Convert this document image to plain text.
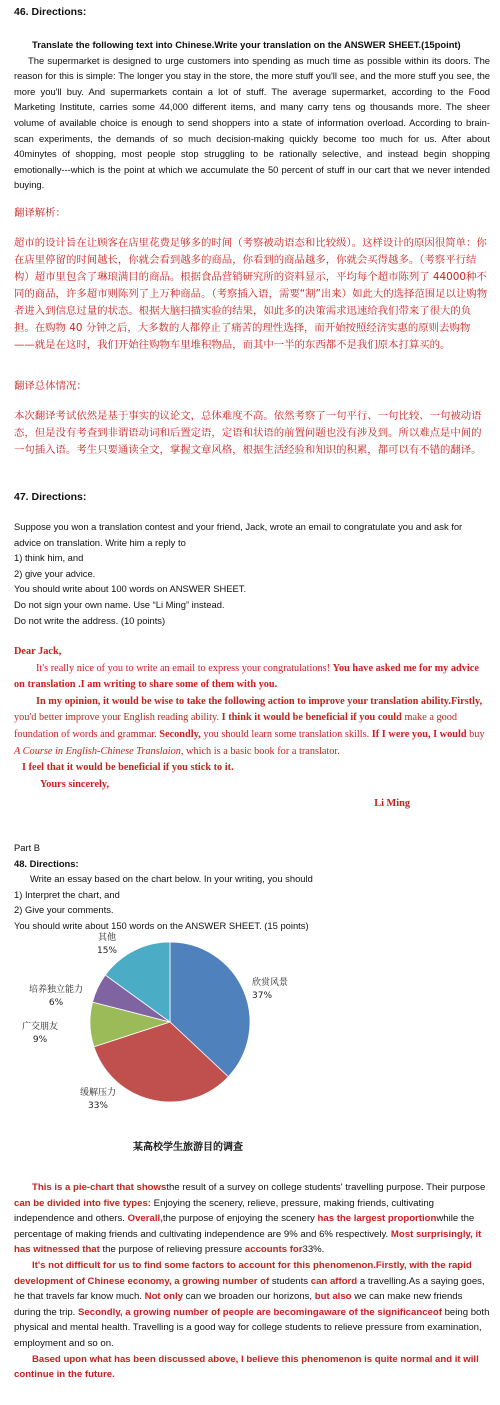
46. Directions:

Translate the following text into Chinese.Write your translation on the ANSWER SHEET.(15point)

The supermarket is designed to urge customers into spending as much time as possible within its doors. The reason for this is simple: The longer you stay in the store, the more stuff you'll see, and the more stuff you see, the more you'll buy. And supermarkets contain a lot of stuff. The average supermarket, according to the Food Marketing Institute, carries some 44,000 different items, and many carry tens og thousands more. The sheer volume of available choice is enough to send shoppers into a state of information overload. According to brain-scan experiments, the demands of so much decision-making quickly become too much for us. After about 40minytes of shopping, most people stop struggling to be rationally selective, and instead begin shopping emotionally---which is the point at which we accumulate the 50 percent of stuff in our cart that we never intended buying.

翻译解析：

超市的设计旨在让顾客在店里花费足够多的时间（考察被动语态和比较级）。这样设计的原因很简单：你在店里停留的时间越长，你就会看到越多的商品，你看到的商品越多，你就会买得越多。（考察平行结构）超市里包含了琳琅满目的商品。根据食品营销研究所的资料显示，平均每个超市陈列了 44000种不同的商品，许多超市则陈列了上万种商品。（考察插入语，需要“割”出来）如此大的选择范围足以让购物者进入到信息过量的状态。根据大脑扫描实验的结果，如此多的决策需求迅速给我们带来了很大的负担。在购物 40 分钟之后，大多数的人都停止了痛苦的理性选择，而开始按照经济实惠的原则去购物——就是在这时，我们开始往购物车里堆积物品，而其中一半的东西都不是我们原本打算买的。

翻译总体情况：

本次翻译考试依然是基于事实的议论文，总体难度不高。依然考察了一句平行、一句比较、一句被动语态，但是没有考查到非谓语动词和后置定语，定语和状语的前置问题也没有涉及到。所以难点是中间的一句插入语。考生只要通读全文，掌握文章风格，根据生活经验和知识的积累，都可以有不错的翻译。

47. Directions:

Suppose you won a translation contest and your friend, Jack, wrote an email to congratulate you and ask for advice on translation. Write him a reply to

1) think him, and

2) give your advice.

You should write about 100 words on ANSWER SHEET.

Do not sign your own name. Use “Li Ming” instead.

Do not write the address. (10 points)

Dear Jack,

It's really nice of you to write an email to express your congratulations! You have asked me for my advice on translation .I am writing to share some of them with you.

In my opinion, it would be wise to take the following action to improve your translation ability.Firstly, you'd better improve your English reading ability. I think it would be beneficial if you could make a good foundation of words and grammar. Secondly, you should learn some translation skills. If I were you, I would buy A Course in English-Chinese Translaion, which is a basic book for a translator.

I feel that it would be beneficial if you stick to it.

Yours sincerely,

Li Ming

Part B

48. Directions:

Write an essay based on the chart below. In your writing, you should

1) Interpret the chart, and

2) Give your comments.

You should write about 150 words on the ANSWER SHEET. (15 points)

欣赏风景
37%
缓解压力
33%
广交朋友
9%
培养独立能力
6%
其他
15%
某高校学生旅游目的调查

This is a pie-chart that showsthe result of a survey on college students' travelling purpose. Their purpose can be divided into five types: Enjoying the scenery, relieve, pressure, making friends, cultivating independence and others. Overall,the purpose of enjoying the scenery has the largest proportionwhile the percentage of making friends and cultivating independence are 9% and 6% respectively. Most surprisingly, it has witnessed that the purpose of relieving pressure accounts for33%.

It's not difficult for us to find some factors to account for this phenomenon.Firstly, with the rapid development of Chinese economy, a growing number of students can afford a travelling.As a saying goes, he that travels far know much. Not only can we broaden our horizons, but also we can make new friends during the trip. Secondly, a growing number of people are becomingaware of the significanceof being both physical and mental health. Travelling is a good way for college students to relieve pressure from examination, employment and so on.

Based upon what has been discussed above, I believe this phenomenon is quite normal and it will continue in the future.
